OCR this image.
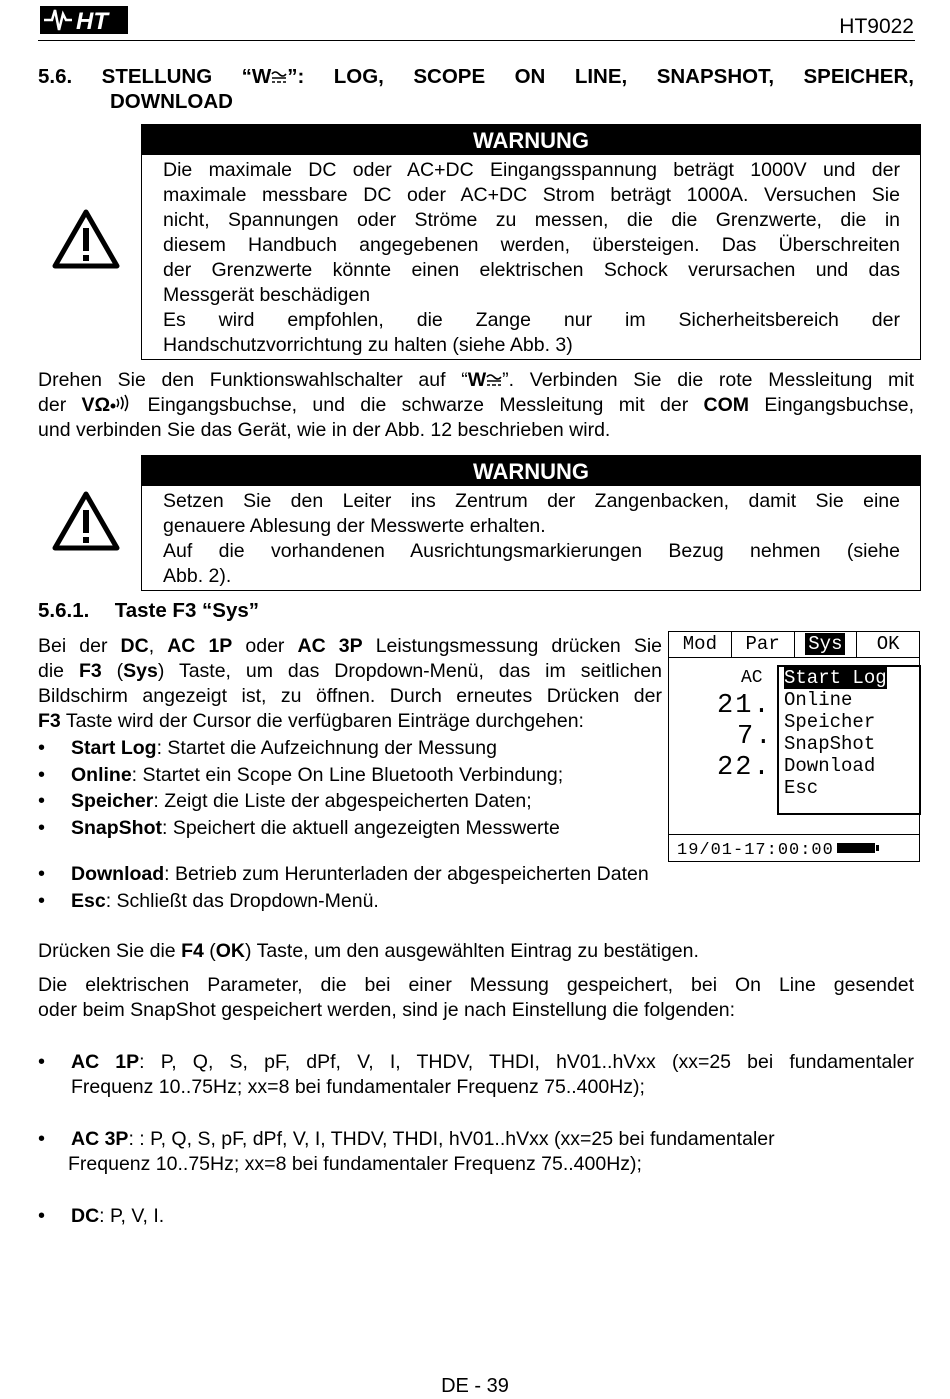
HT	HT9022
5.6. STELLUNG “W ”: LOG, SCOPE ON LINE, SNAPSHOT, SPEICHER,
DOWNLOAD
WARNUNG
Die maximale DC oder AC+DC Eingangsspannung beträgt 1000V und der
maximale messbare DC oder AC+DC Strom beträgt 1000A. Versuchen Sie
nicht, Spannungen oder Ströme zu messen, die die Grenzwerte, die in
diesem Handbuch angegebenen werden, übersteigen. Das Überschreiten
der Grenzwerte könnte einen elektrischen Schock verursachen und das
Messgerät beschädigen
Es wird empfohlen, die Zange nur im Sicherheitsbereich der
Handschutzvorrichtung zu halten (siehe Abb. 3)
Drehen Sie den Funktionswahlschalter auf “W ”. Verbinden Sie die rote Messleitung mit
der VΩ Eingangsbuchse, und die schwarze Messleitung mit der COM Eingangsbuchse,
und verbinden Sie das Gerät, wie in der Abb. 12 beschrieben wird.
WARNUNG
Setzen Sie den Leiter ins Zentrum der Zangenbacken, damit Sie eine
genauere Ablesung der Messwerte erhalten.
Auf die vorhandenen Ausrichtungsmarkierungen Bezug nehmen (siehe
Abb. 2).
5.6.1. Taste F3 “Sys”
Bei der DC, AC 1P oder AC 3P Leistungsmessung drücken Sie
die F3 (Sys) Taste, um das Dropdown-Menü, das im seitlichen
Bildschirm angezeigt ist, zu öffnen. Durch erneutes Drücken der
F3 Taste wird der Cursor die verfügbaren Einträge durchgehen:
• Start Log: Startet die Aufzeichnung der Messung
• Online: Startet ein Scope On Line Bluetooth Verbindung;
• Speicher: Zeigt die Liste der abgespeicherten Daten;
• SnapShot: Speichert die aktuell angezeigten Messwerte
• Download: Betrieb zum Herunterladen der abgespeicherten Daten
• Esc: Schließt das Dropdown-Menü.
Mod	Par	Sys	OK
AC
21.
7.
22.
Start Log
Online
Speicher
SnapShot
Download
Esc
19/01-17:00:00
Drücken Sie die F4 (OK) Taste, um den ausgewählten Eintrag zu bestätigen.
Die elektrischen Parameter, die bei einer Messung gespeichert, bei On Line gesendet
oder beim SnapShot gespeichert werden, sind je nach Einstellung die folgenden:
• AC 1P: P, Q, S, pF, dPf, V, I, THDV, THDI, hV01..hVxx (xx=25 bei fundamentaler
Frequenz 10..75Hz; xx=8 bei fundamentaler Frequenz 75..400Hz);
• AC 3P: : P, Q, S, pF, dPf, V, I, THDV, THDI, hV01..hVxx (xx=25 bei fundamentaler
Frequenz 10..75Hz; xx=8 bei fundamentaler Frequenz 75..400Hz);
• DC: P, V, I.
DE - 39
